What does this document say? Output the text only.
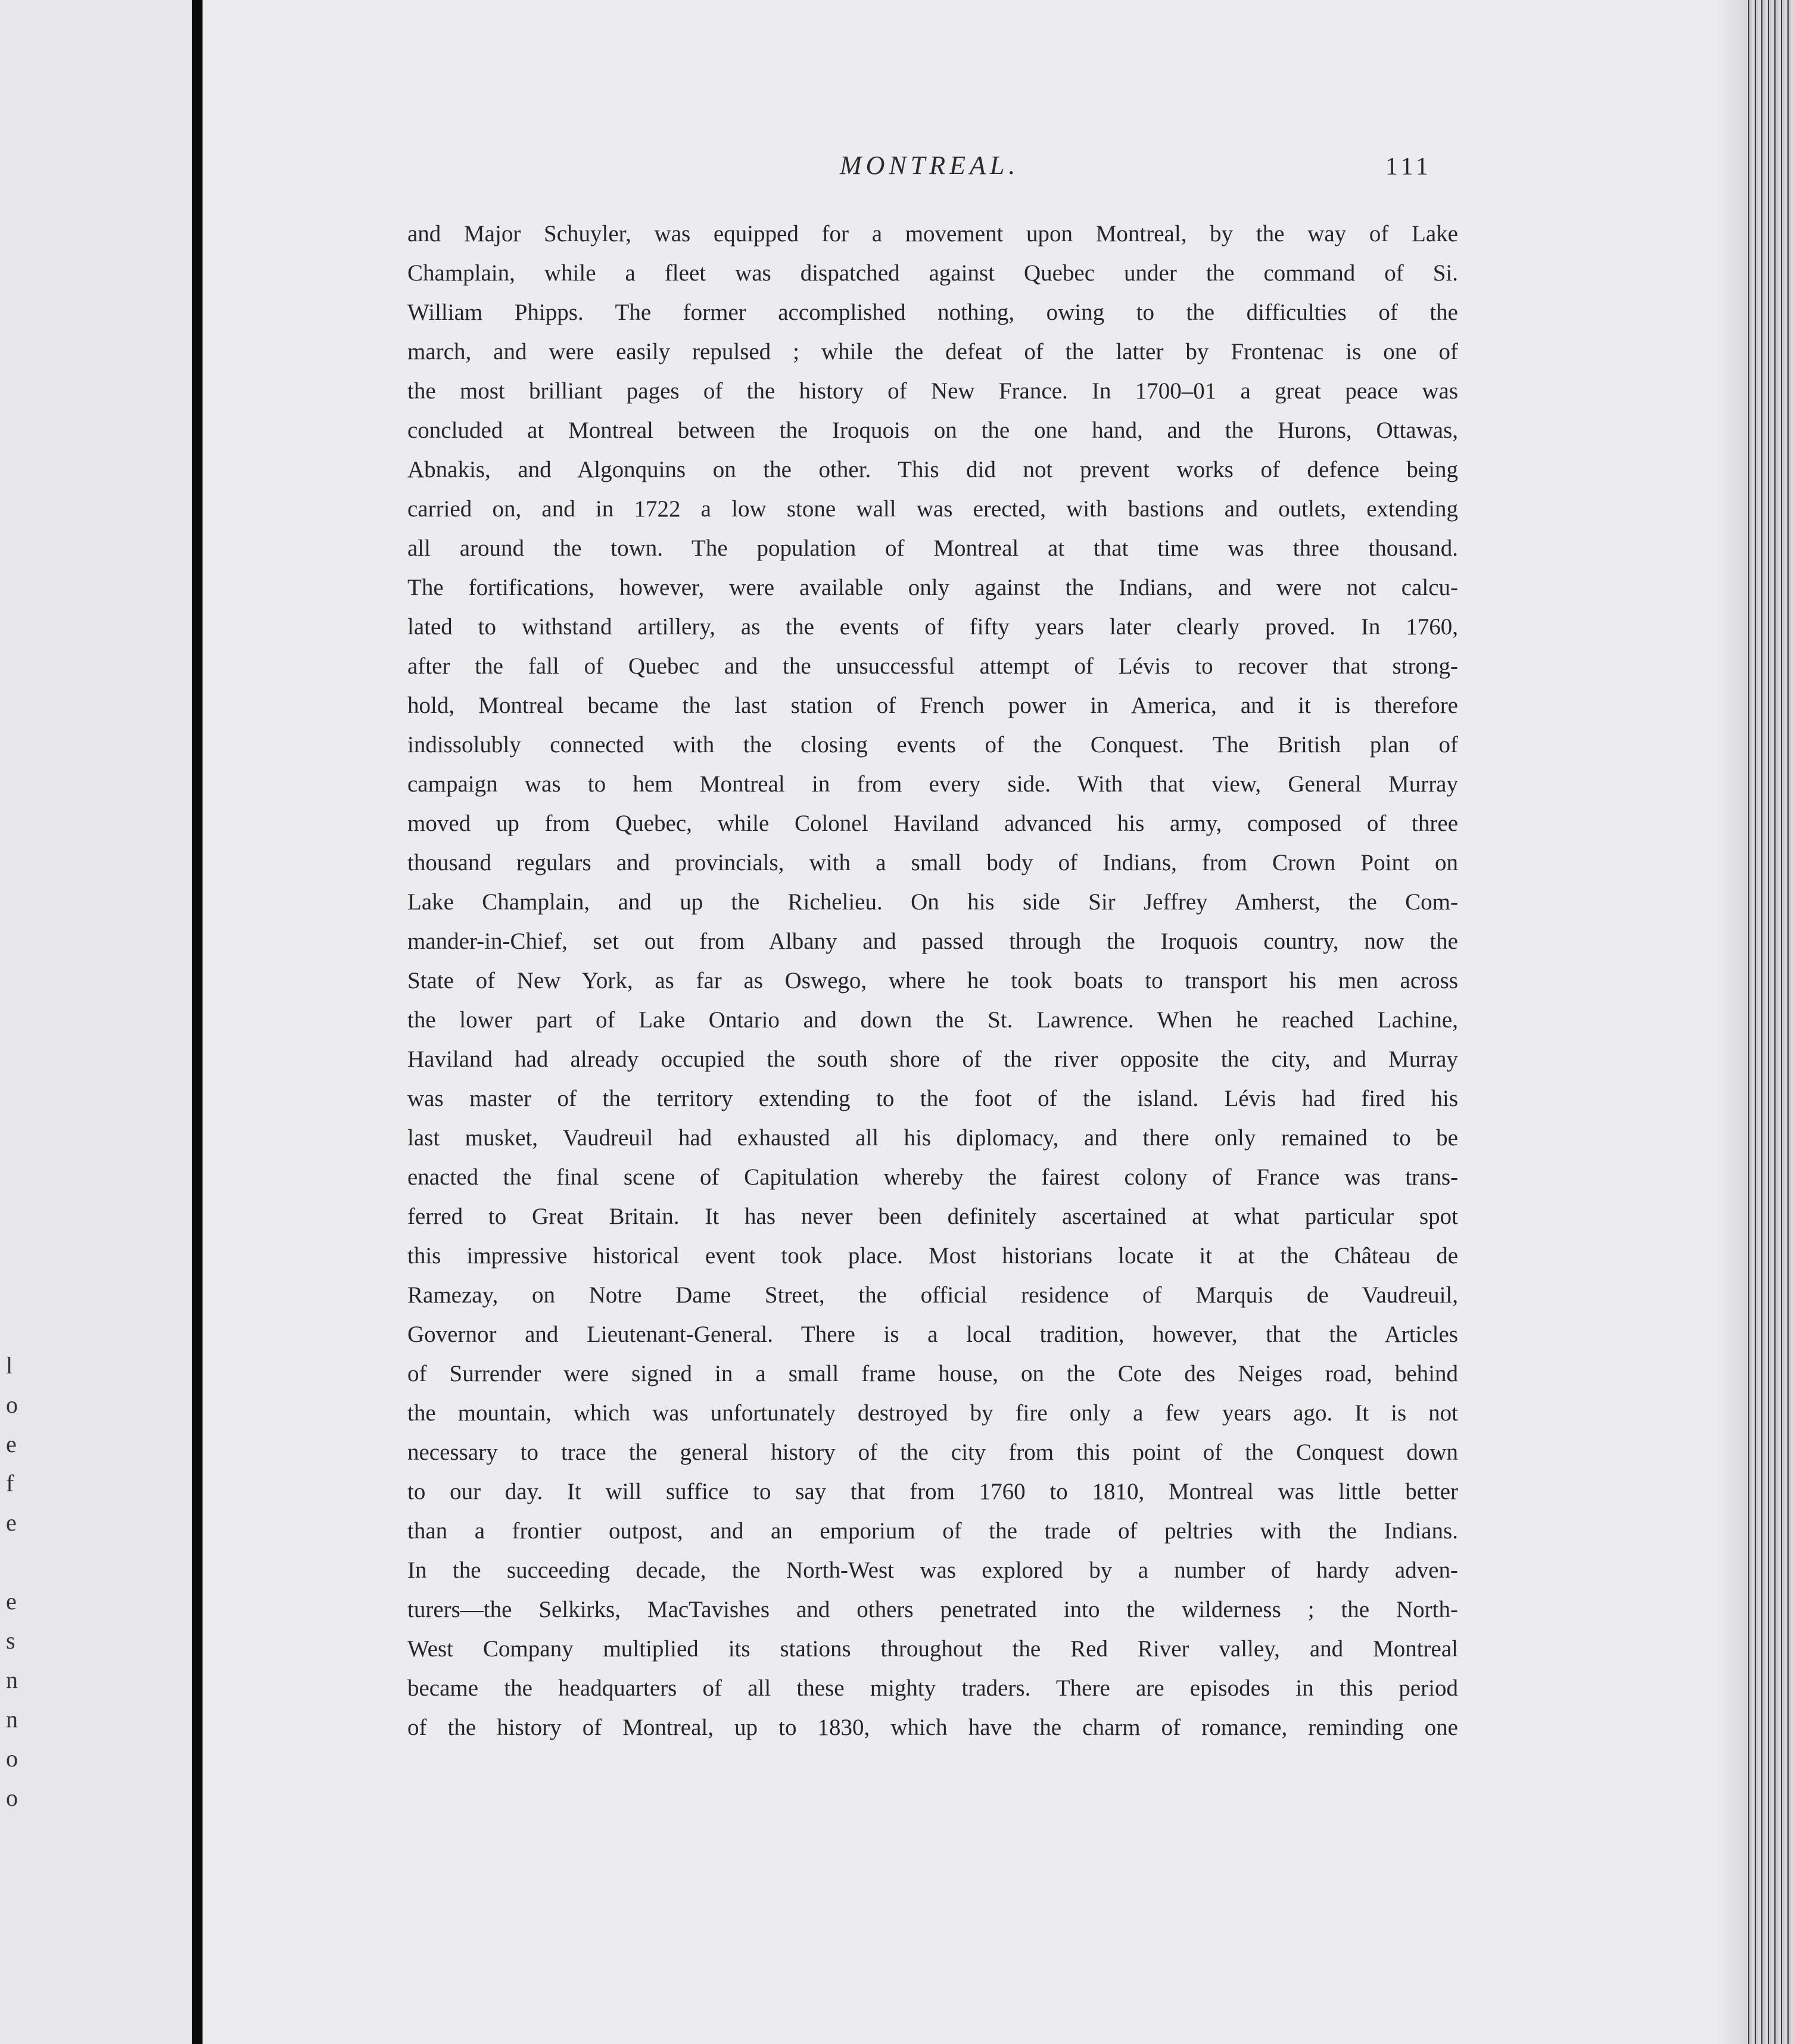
l
o
e
f
e
e
s
n
n
o
o
MONTREAL.	111
and Major Schuyler, was equipped for a movement upon Montreal, by the way of Lake
Champlain, while a fleet was dispatched against Quebec under the command of Si.
William Phipps. The former accomplished nothing, owing to the difficulties of the
march, and were easily repulsed ; while the defeat of the latter by Frontenac is one of
the most brilliant pages of the history of New France. In 1700–01 a great peace was
concluded at Montreal between the Iroquois on the one hand, and the Hurons, Ottawas,
Abnakis, and Algonquins on the other. This did not prevent works of defence being
carried on, and in 1722 a low stone wall was erected, with bastions and outlets, extending
all around the town. The population of Montreal at that time was three thousand.
The fortifications, however, were available only against the Indians, and were not calcu-
lated to withstand artillery, as the events of fifty years later clearly proved. In 1760,
after the fall of Quebec and the unsuccessful attempt of Lévis to recover that strong-
hold, Montreal became the last station of French power in America, and it is therefore
indissolubly connected with the closing events of the Conquest. The British plan of
campaign was to hem Montreal in from every side. With that view, General Murray
moved up from Quebec, while Colonel Haviland advanced his army, composed of three
thousand regulars and provincials, with a small body of Indians, from Crown Point on
Lake Champlain, and up the Richelieu. On his side Sir Jeffrey Amherst, the Com-
mander-in-Chief, set out from Albany and passed through the Iroquois country, now the
State of New York, as far as Oswego, where he took boats to transport his men across
the lower part of Lake Ontario and down the St. Lawrence. When he reached Lachine,
Haviland had already occupied the south shore of the river opposite the city, and Murray
was master of the territory extending to the foot of the island. Lévis had fired his
last musket, Vaudreuil had exhausted all his diplomacy, and there only remained to be
enacted the final scene of Capitulation whereby the fairest colony of France was trans-
ferred to Great Britain. It has never been definitely ascertained at what particular spot
this impressive historical event took place. Most historians locate it at the Château de
Ramezay, on Notre Dame Street, the official residence of Marquis de Vaudreuil,
Governor and Lieutenant-General. There is a local tradition, however, that the Articles
of Surrender were signed in a small frame house, on the Cote des Neiges road, behind
the mountain, which was unfortunately destroyed by fire only a few years ago. It is not
necessary to trace the general history of the city from this point of the Conquest down
to our day. It will suffice to say that from 1760 to 1810, Montreal was little better
than a frontier outpost, and an emporium of the trade of peltries with the Indians.
In the succeeding decade, the North-West was explored by a number of hardy adven-
turers—the Selkirks, MacTavishes and others penetrated into the wilderness ; the North-
West Company multiplied its stations throughout the Red River valley, and Montreal
became the headquarters of all these mighty traders. There are episodes in this period
of the history of Montreal, up to 1830, which have the charm of romance, reminding one
